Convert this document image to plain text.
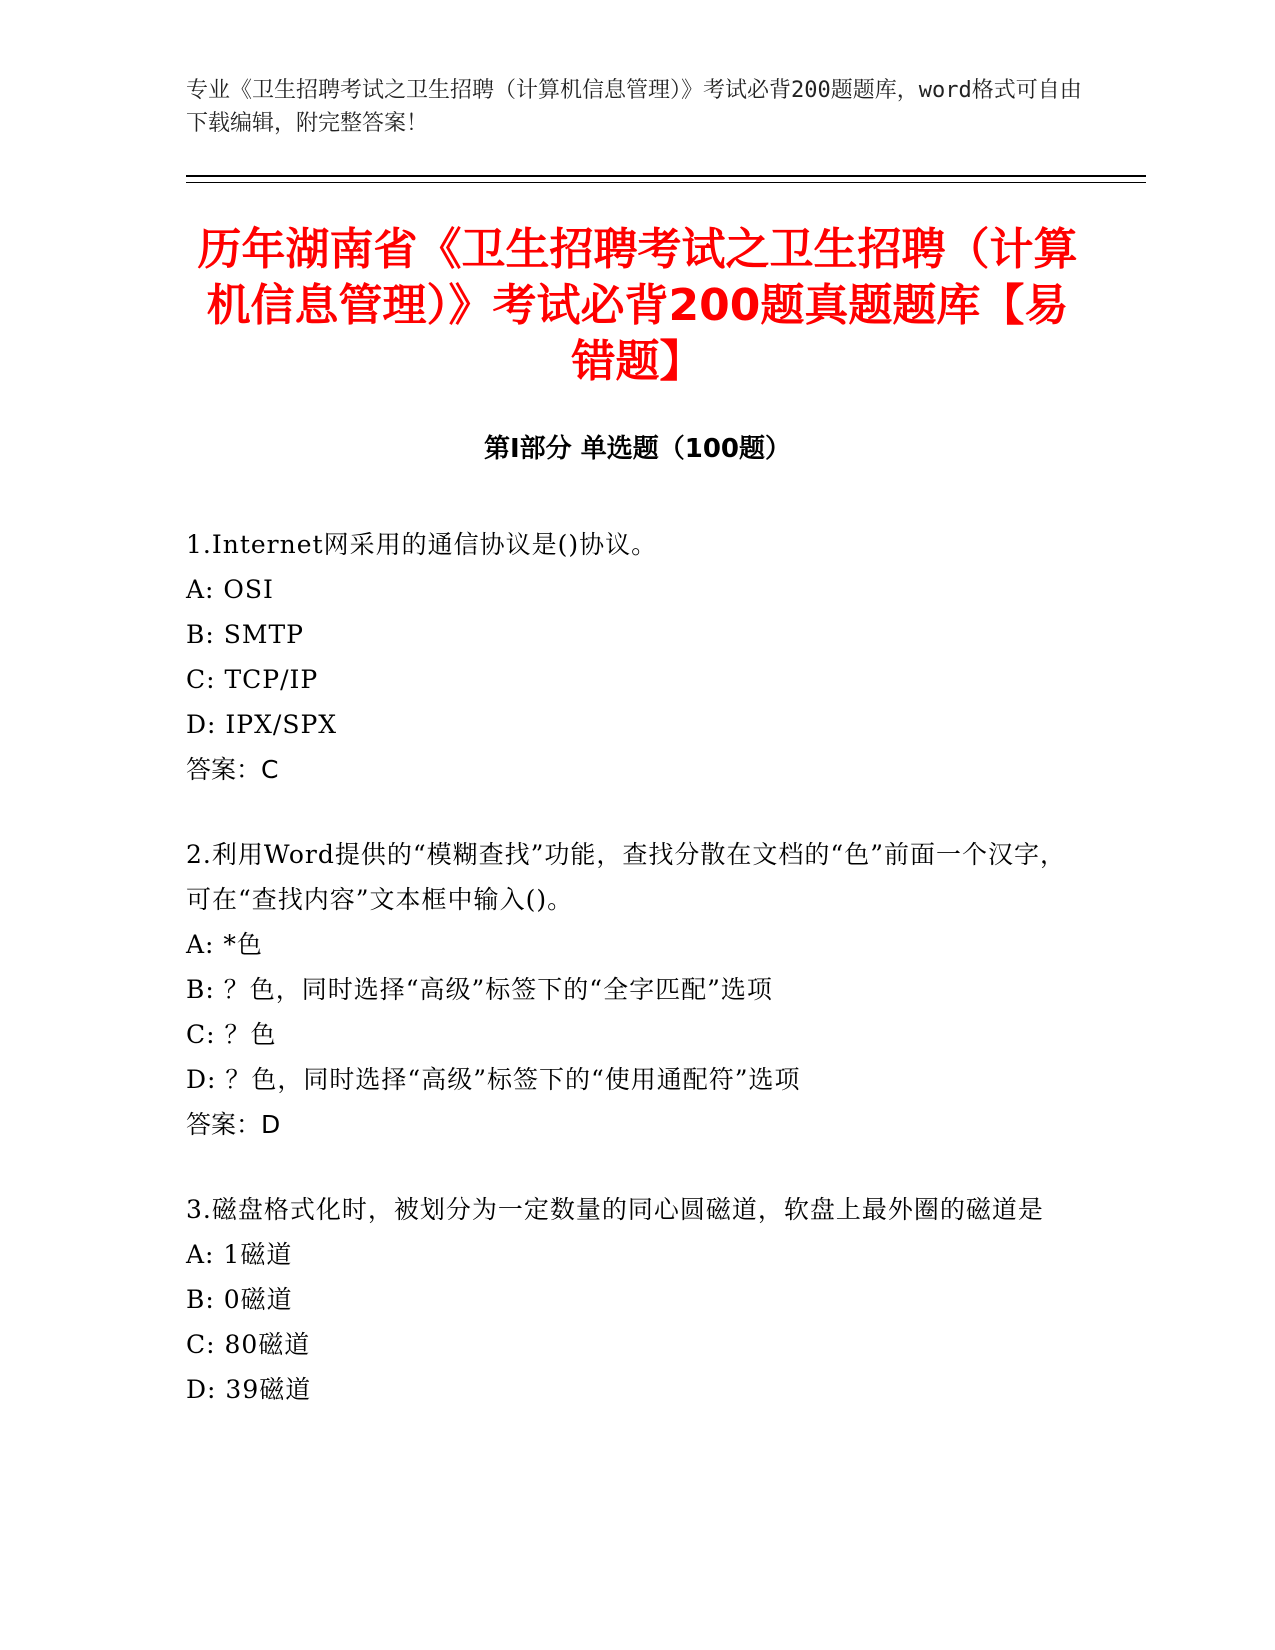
专业《卫生招聘考试之卫生招聘（计算机信息管理）》考试必背200题题库，word格式可自由下载编辑，附完整答案！
历年湖南省《卫生招聘考试之卫生招聘（计算机信息管理）》考试必背200题真题题库【易错题】
第I部分 单选题（100题）

1.Internet网采用的通信协议是()协议。

A: OSI

B: SMTP

C: TCP/IP

D: IPX/SPX

答案：C

2.利用Word提供的“模糊查找”功能，查找分散在文档的“色”前面一个汉字，可在“查找内容”文本框中输入()。

A: *色

B: ？色，同时选择“高级”标签下的“全字匹配”选项

C: ？色

D: ？色，同时选择“高级”标签下的“使用通配符”选项

答案：D

3.磁盘格式化时，被划分为一定数量的同心圆磁道，软盘上最外圈的磁道是

A: 1磁道

B: 0磁道

C: 80磁道

D: 39磁道
